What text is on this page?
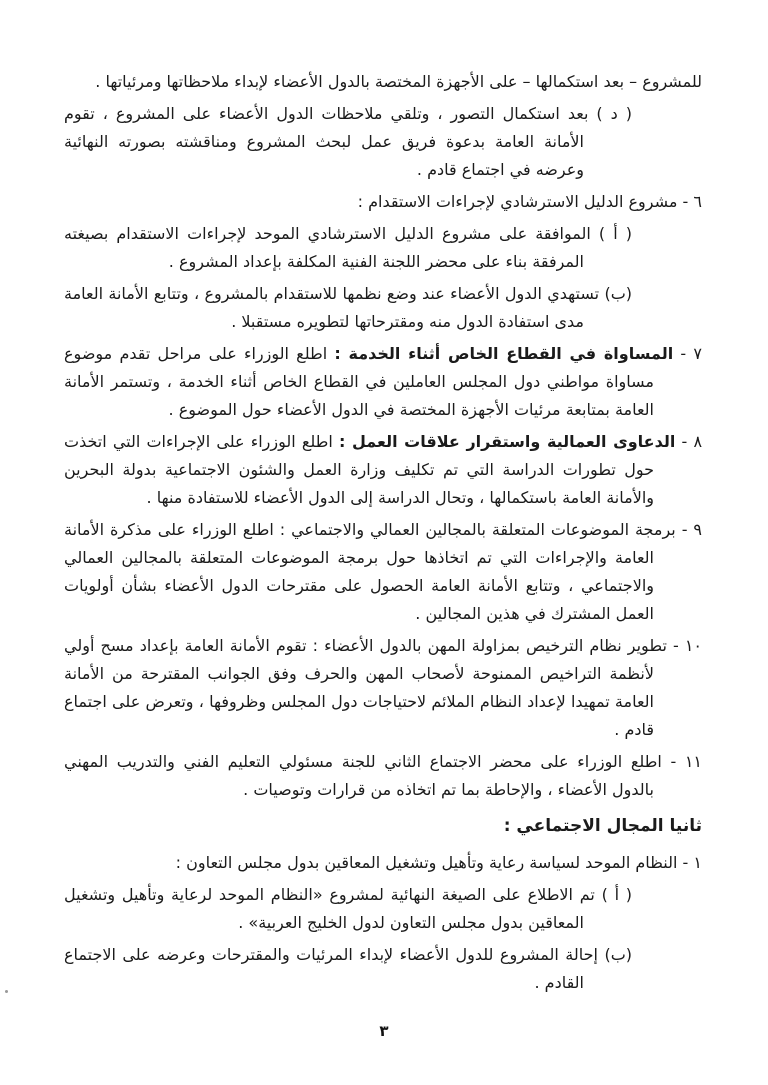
للمشروع – بعد استكمالها – على الأجهزة المختصة بالدول الأعضاء لإبداء ملاحظاتها ومرئياتها .
( د ) بعد استكمال التصور ، وتلقي ملاحظات الدول الأعضاء على المشروع ، تقوم الأمانة العامة بدعوة فريق عمل لبحث المشروع ومناقشته بصورته النهائية وعرضه في اجتماع قادم .
٦ - مشروع الدليل الاسترشادي لإجراءات الاستقدام :
( أ ) الموافقة على مشروع الدليل الاسترشادي الموحد لإجراءات الاستقدام بصيغته المرفقة بناء على محضر اللجنة الفنية المكلفة بإعداد المشروع .
(ب) تستهدي الدول الأعضاء عند وضع نظمها للاستقدام بالمشروع ، وتتابع الأمانة العامة مدى استفادة الدول منه ومقترحاتها لتطويره مستقبلا .
٧ - المساواة في القطاع الخاص أثناء الخدمة : اطلع الوزراء على مراحل تقدم موضوع مساواة مواطني دول المجلس العاملين في القطاع الخاص أثناء الخدمة ، وتستمر الأمانة العامة بمتابعة مرئيات الأجهزة المختصة في الدول الأعضاء حول الموضوع .
٨ - الدعاوى العمالية واستقرار علاقات العمل : اطلع الوزراء على الإجراءات التي اتخذت حول تطورات الدراسة التي تم تكليف وزارة العمل والشئون الاجتماعية بدولة البحرين والأمانة العامة باستكمالها ، وتحال الدراسة إلى الدول الأعضاء للاستفادة منها .
٩ - برمجة الموضوعات المتعلقة بالمجالين العمالي والاجتماعي : اطلع الوزراء على مذكرة الأمانة العامة والإجراءات التي تم اتخاذها حول برمجة الموضوعات المتعلقة بالمجالين العمالي والاجتماعي ، وتتابع الأمانة العامة الحصول على مقترحات الدول الأعضاء بشأن أولويات العمل المشترك في هذين المجالين .
١٠ - تطوير نظام الترخيص بمزاولة المهن بالدول الأعضاء : تقوم الأمانة العامة بإعداد مسح أولي لأنظمة التراخيص الممنوحة لأصحاب المهن والحرف وفق الجوانب المقترحة من الأمانة العامة تمهيدا لإعداد النظام الملائم لاحتياجات دول المجلس وظروفها ، وتعرض على اجتماع قادم .
١١ - اطلع الوزراء على محضر الاجتماع الثاني للجنة مسئولي التعليم الفني والتدريب المهني بالدول الأعضاء ، والإحاطة بما تم اتخاذه من قرارات وتوصيات .
ثانيا المجال الاجتماعي :
١ - النظام الموحد لسياسة رعاية وتأهيل وتشغيل المعاقين بدول مجلس التعاون :
( أ ) تم الاطلاع على الصيغة النهائية لمشروع «النظام الموحد لرعاية وتأهيل وتشغيل المعاقين بدول مجلس التعاون لدول الخليج العربية» .
(ب) إحالة المشروع للدول الأعضاء لإبداء المرئيات والمقترحات وعرضه على الاجتماع القادم .
٣
